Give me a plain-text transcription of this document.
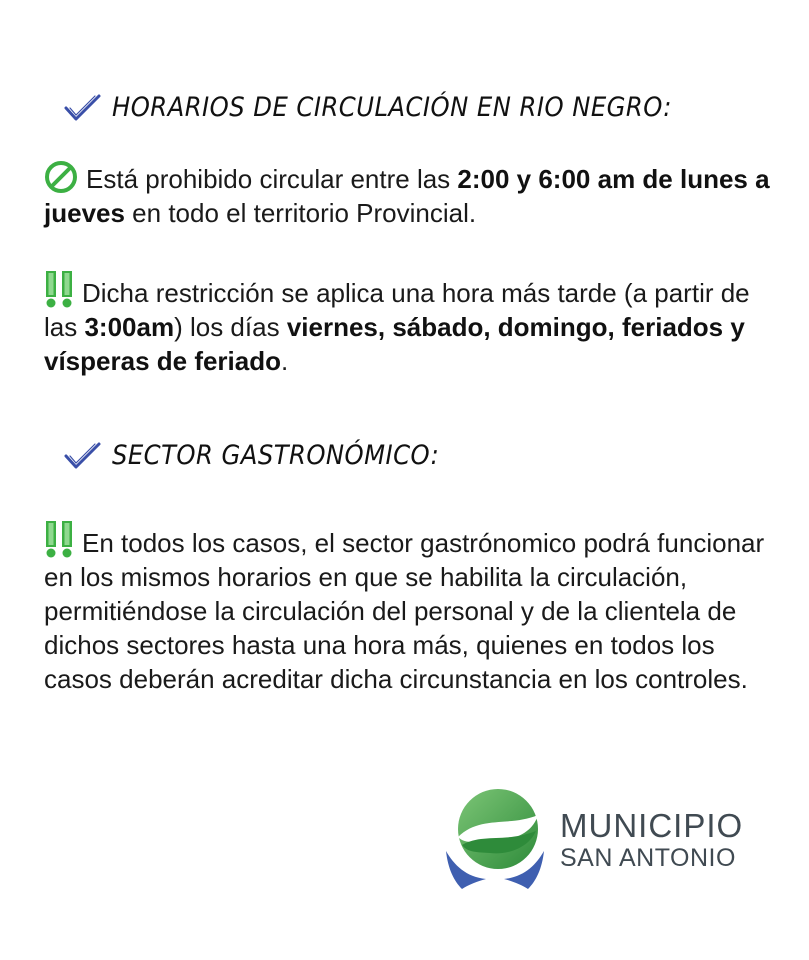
HORARIOS DE CIRCULACIÓN EN RIO NEGRO:
Está prohibido circular entre las 2:00 y 6:00 am de lunes a jueves en todo el territorio Provincial.
Dicha restricción se aplica una hora más tarde (a partir de las 3:00am) los días viernes, sábado, domingo, feriados y vísperas de feriado.
SECTOR GASTRONÓMICO:
En todos los casos, el sector gastrónomico podrá funcionar en los mismos horarios en que se habilita la circulación, permitiéndose la circulación del personal y de la clientela de dichos sectores hasta una hora más, quienes en todos los casos deberán acreditar dicha circunstancia en los controles.
MUNICIPIO
SAN ANTONIO
